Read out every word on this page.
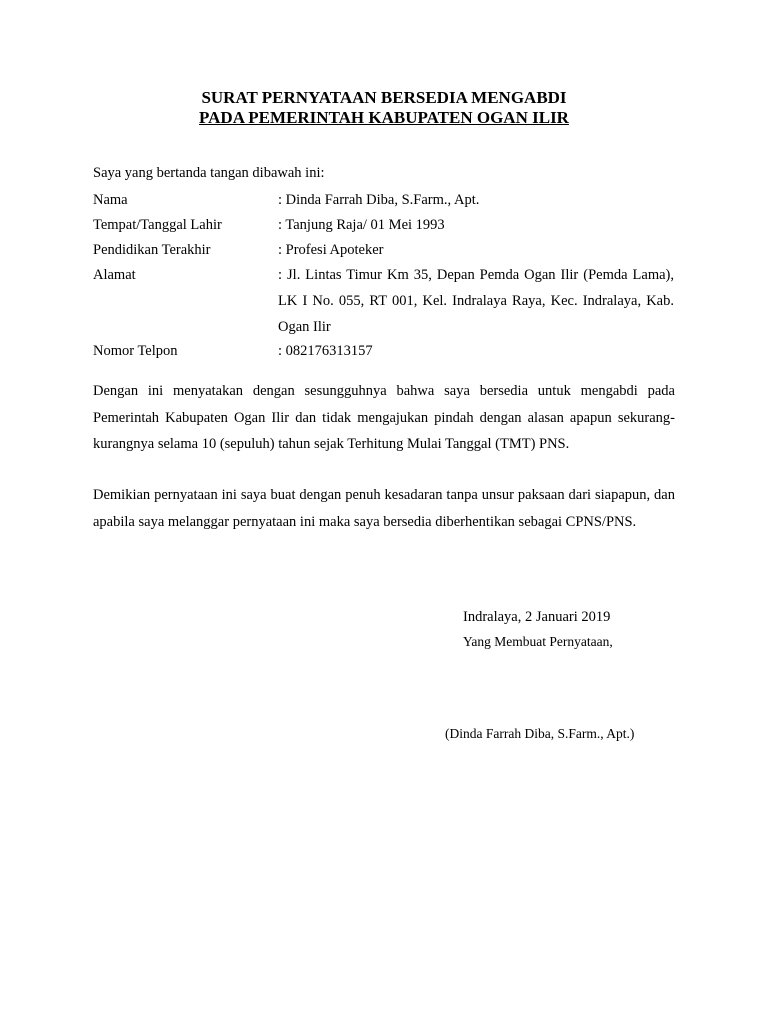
SURAT PERNYATAAN BERSEDIA MENGABDI
PADA PEMERINTAH KABUPATEN OGAN ILIR
Saya yang bertanda tangan dibawah ini:
Nama	: Dinda Farrah Diba, S.Farm., Apt.
Tempat/Tanggal Lahir	: Tanjung Raja/ 01 Mei 1993
Pendidikan Terakhir	: Profesi Apoteker
Alamat	: Jl. Lintas Timur Km 35, Depan Pemda Ogan Ilir (Pemda Lama), LK I No. 055, RT 001, Kel. Indralaya Raya, Kec. Indralaya, Kab. Ogan Ilir
Nomor Telpon	: 082176313157
Dengan ini menyatakan dengan sesungguhnya bahwa saya bersedia untuk mengabdi pada Pemerintah Kabupaten Ogan Ilir dan tidak mengajukan pindah dengan alasan apapun sekurang-kurangnya selama 10 (sepuluh) tahun sejak Terhitung Mulai Tanggal (TMT) PNS.
Demikian pernyataan ini saya buat dengan penuh kesadaran tanpa unsur paksaan dari siapapun, dan apabila saya melanggar pernyataan ini maka saya bersedia diberhentikan sebagai CPNS/PNS.
Indralaya, 2 Januari 2019
Yang Membuat Pernyataan,
(Dinda Farrah Diba, S.Farm., Apt.)
